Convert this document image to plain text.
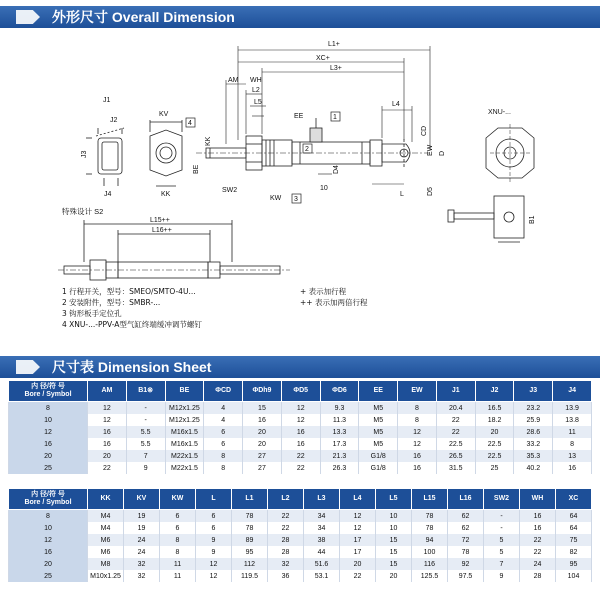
外形尺寸 Overall Dimension
J1
J2
J3
J4
KV
KK
4
L1+
XC+
L3+
AM WH
L2
L5
EE
L4
KK
BE
SW2
KW
D4
CD
EW D
D5
L
10
1
2
3
XNU-...
B1
特殊设计 S2
L15++
L16++
1 行程开关，型号：SMEO/SMTO-4U...
2 安装附件，型号：SMBR-...
3 钩形板手定位孔
4 XNU-...-PPV-A型气缸终端缓冲调节螺钉
+ 表示加行程
++ 表示加两倍行程
尺寸表 Dimension Sheet
内 径/符 号
Bore / Symbol	AM	B1⊗	BE	ΦCD	ΦDh9	ΦD5	ΦD6	EE	EW	J1	J2	J3	J4
8	12	-	M12x1.25	4	15	12	9.3	M5	8	20.4	16.5	23.2	13.9
10	12	-	M12x1.25	4	16	12	11.3	M5	8	22	18.2	25.9	13.8
12	16	5.5	M16x1.5	6	20	16	13.3	M5	12	22	20	28.6	11
16	16	5.5	M16x1.5	6	20	16	17.3	M5	12	22.5	22.5	33.2	8
20	20	7	M22x1.5	8	27	22	21.3	G1/8	16	26.5	22.5	35.3	13
25	22	9	M22x1.5	8	27	22	26.3	G1/8	16	31.5	25	40.2	16
内 径/符 号
Bore / Symbol	KK	KV	KW	L	L1	L2	L3	L4	L5	L15	L16	SW2	WH	XC
8	M4	19	6	6	78	22	34	12	10	78	62	-	16	64
10	M4	19	6	6	78	22	34	12	10	78	62	-	16	64
12	M6	24	8	9	89	28	38	17	15	94	72	5	22	75
16	M6	24	8	9	95	28	44	17	15	100	78	5	22	82
20	M8	32	11	12	112	32	51.6	20	15	116	92	7	24	95
25	M10x1.25	32	11	12	119.5	36	53.1	22	20	125.5	97.5	9	28	104
